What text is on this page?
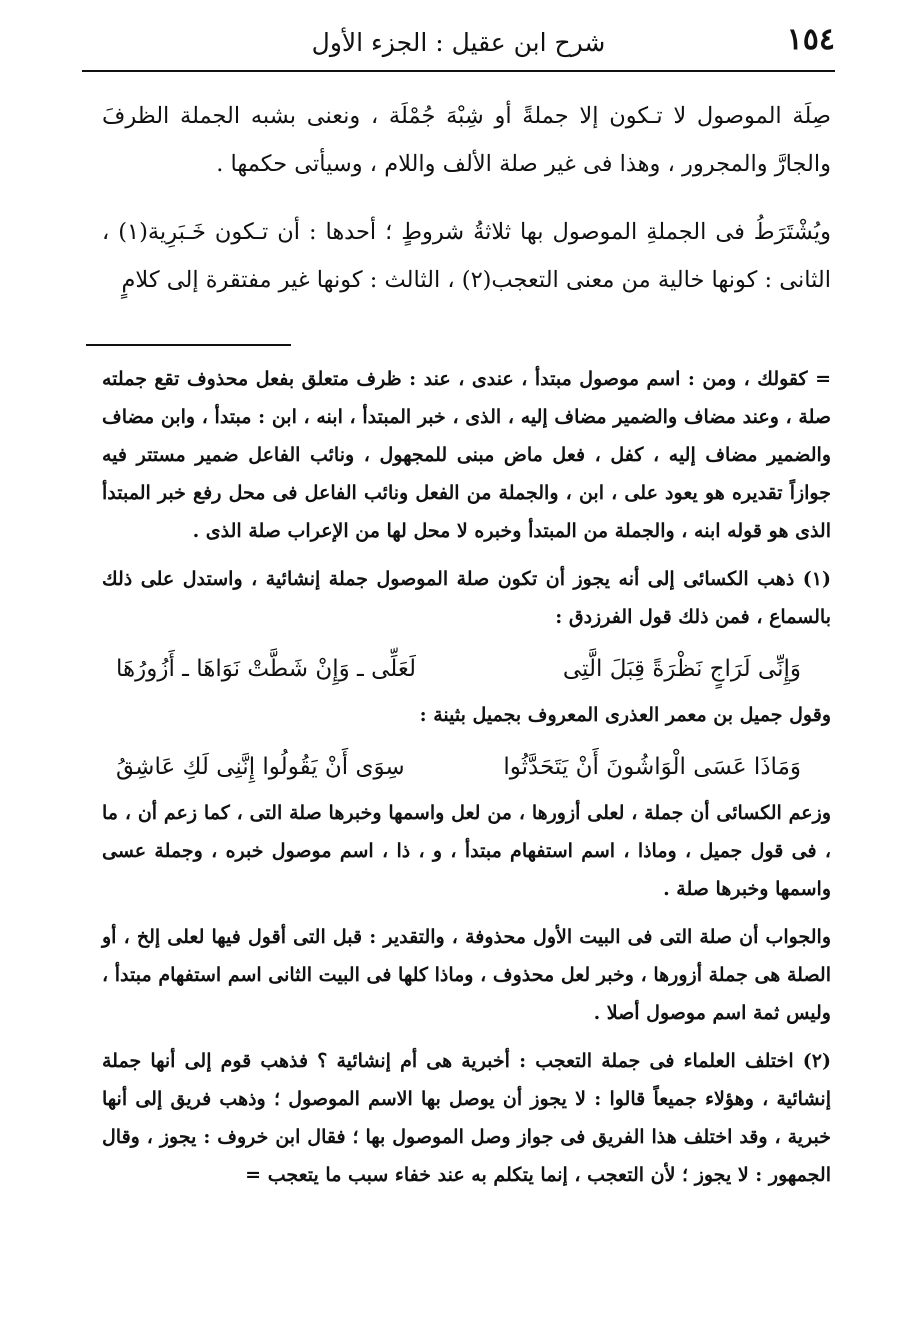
١٥٤
شرح ابن عقيل : الجزء الأول

صِلَة الموصول لا تـكون إلا جملةً أو شِبْهَ جُمْلَة ، ونعنى بشبه الجملة الظرفَ والجارَّ والمجرور ، وهذا فى غير صلة الألف واللام ، وسيأتى حكمها .

ويُشْتَرَطُ فى الجملةِ الموصول بها ثلاثةُ شروطٍ ؛ أحدها : أن تـكون خَـبَرِية(١) ، الثانى : كونها خالية من معنى التعجب(٢) ، الثالث : كونها غير مفتقرة إلى كلامٍ

= كقولك ، ومن : اسم موصول مبتدأ ، عندى ، عند : ظرف متعلق بفعل محذوف تقع جملته صلة ، وعند مضاف والضمير مضاف إليه ، الذى ، خبر المبتدأ ، ابنه ، ابن : مبتدأ ، وابن مضاف والضمير مضاف إليه ، كفل ، فعل ماض مبنى للمجهول ، ونائب الفاعل ضمير مستتر فيه جوازاً تقديره هو يعود على ، ابن ، والجملة من الفعل ونائب الفاعل فى محل رفع خبر المبتدأ الذى هو قوله ابنه ، والجملة من المبتدأ وخبره لا محل لها من الإعراب صلة الذى .

(١) ذهب الكسائى إلى أنه يجوز أن تكون صلة الموصول جملة إنشائية ، واستدل على ذلك بالسماع ، فمن ذلك قول الفرزدق :

وَإِنِّى لَرَاجٍ نَظْرَةً قِبَلَ الَّتِى
لَعَلِّى ـ وَإِنْ شَطَّتْ نَوَاهَا ـ أَزُورُهَا

وقول جميل بن معمر العذرى المعروف بجميل بثينة :

وَمَاذَا عَسَى الْوَاشُونَ أَنْ يَتَحَدَّثُوا
سِوَى أَنْ يَقُولُوا إِنَّنِى لَكِ عَاشِقُ

وزعم الكسائى أن جملة ، لعلى أزورها ، من لعل واسمها وخبرها صلة التى ، كما زعم أن ، ما ، فى قول جميل ، وماذا ، اسم استفهام مبتدأ ، و ، ذا ، اسم موصول خبره ، وجملة عسى واسمها وخبرها صلة .

والجواب أن صلة التى فى البيت الأول محذوفة ، والتقدير : قبل التى أقول فيها لعلى إلخ ، أو الصلة هى جملة أزورها ، وخبر لعل محذوف ، وماذا كلها فى البيت الثانى اسم استفهام مبتدأ ، وليس ثمة اسم موصول أصلا .

(٢) اختلف العلماء فى جملة التعجب : أخبرية هى أم إنشائية ؟ فذهب قوم إلى أنها جملة إنشائية ، وهؤلاء جميعاً قالوا : لا يجوز أن يوصل بها الاسم الموصول ؛ وذهب فريق إلى أنها خبرية ، وقد اختلف هذا الفريق فى جواز وصل الموصول بها ؛ فقال ابن خروف : يجوز ، وقال الجمهور : لا يجوز ؛ لأن التعجب ، إنما يتكلم به عند خفاء سبب ما يتعجب =
